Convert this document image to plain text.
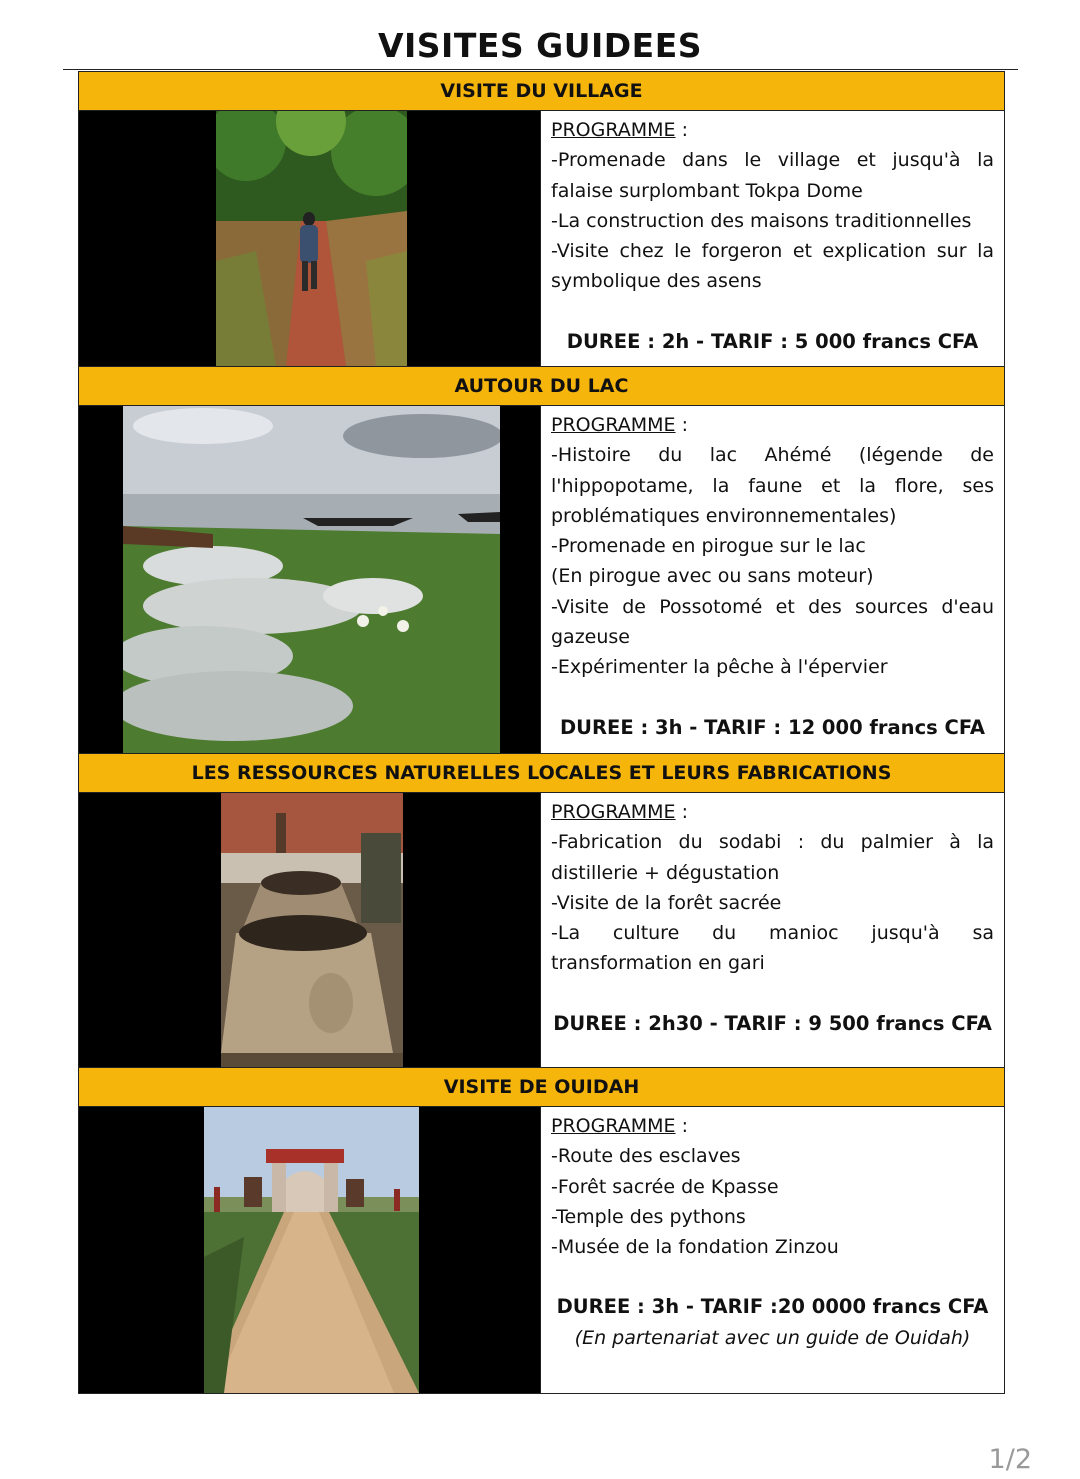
VISITES GUIDEES
VISITE DU VILLAGE
PROGRAMME :
-Promenade dans le village et jusqu'à la falaise surplombant Tokpa Dome
-La construction des maisons traditionnelles
-Visite chez le forgeron et explication sur la symbolique des asens
DUREE : 2h - TARIF : 5 000 francs CFA
AUTOUR DU LAC
PROGRAMME :
-Histoire du lac Ahémé (légende de l'hippopotame, la faune et la flore, ses problématiques environnementales)
-Promenade en pirogue sur le lac
(En pirogue avec ou sans moteur)
-Visite de Possotomé et des sources d'eau gazeuse
-Expérimenter la pêche à l'épervier
DUREE : 3h - TARIF : 12 000 francs CFA
LES RESSOURCES NATURELLES LOCALES ET LEURS FABRICATIONS
PROGRAMME :
-Fabrication du sodabi : du palmier à la distillerie + dégustation
-Visite de la forêt sacrée
-La culture du manioc jusqu'à sa transformation en gari
DUREE : 2h30 - TARIF : 9 500 francs CFA
VISITE DE OUIDAH
PROGRAMME :
-Route des esclaves
-Forêt sacrée de Kpasse
-Temple des pythons
-Musée de la fondation Zinzou
DUREE : 3h - TARIF :20 0000 francs CFA
(En partenariat avec un guide de Ouidah)
1/2
